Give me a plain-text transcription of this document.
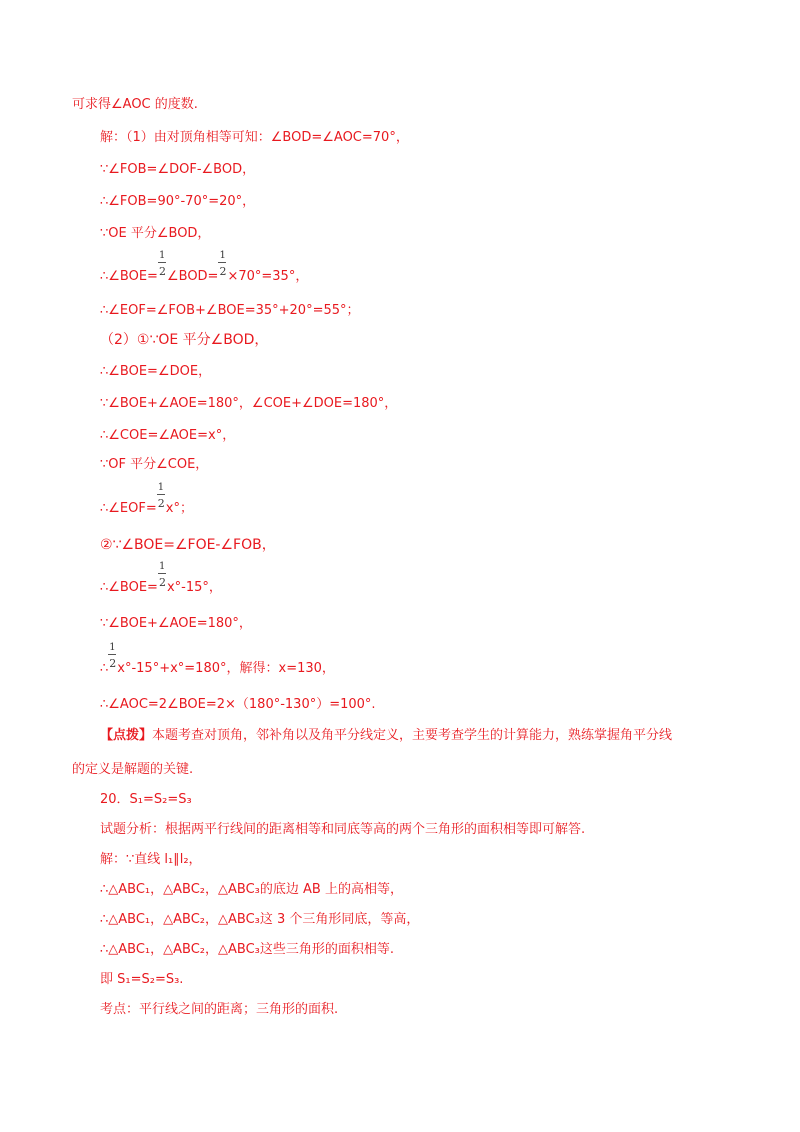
可求得∠AOC 的度数.
解：（1）由对顶角相等可知：∠BOD=∠AOC=70°，
∵∠FOB=∠DOF-∠BOD，
∴∠FOB=90°-70°=20°，
∵OE 平分∠BOD，
∴∠BOE= $\frac{1}{2}$ ∠BOD= $\frac{1}{2} \times 70^\circ=35^\circ$，
∴∠EOF=∠FOB+∠BOE=35°+20°=55°；
（2）①∵OE 平分∠BOD，
∴∠BOE=∠DOE，
∵∠BOE+∠AOE=180°，∠COE+∠DOE=180°，
∴∠COE=∠AOE=x°，
∵OF 平分∠COE，
∴∠EOF= $\frac{1}{2} x^\circ$；
②∵∠BOE=∠FOE-∠FOB，
∴∠BOE= $\frac{1}{2} x^\circ-15^\circ$，
∵∠BOE+∠AOE=180°，
∴ $\frac{1}{2} x^\circ-15^\circ+x^\circ=180^\circ$，解得：x=130，
∴∠AOC=2∠BOE=2×（180°-130°）=100°.
【点拨】本题考查对顶角，邻补角以及角平分线定义，主要考查学生的计算能力，熟练掌握角平分线
的定义是解题的关键.
20．S₁=S₂=S₃
试题分析：根据两平行线间的距离相等和同底等高的两个三角形的面积相等即可解答.
解：∵直线 l₁∥l₂，
∴△ABC₁，△ABC₂，△ABC₃的底边 AB 上的高相等，
∴△ABC₁，△ABC₂，△ABC₃这 3 个三角形同底，等高，
∴△ABC₁，△ABC₂，△ABC₃这些三角形的面积相等.
即 S₁=S₂=S₃.
考点：平行线之间的距离；三角形的面积.
